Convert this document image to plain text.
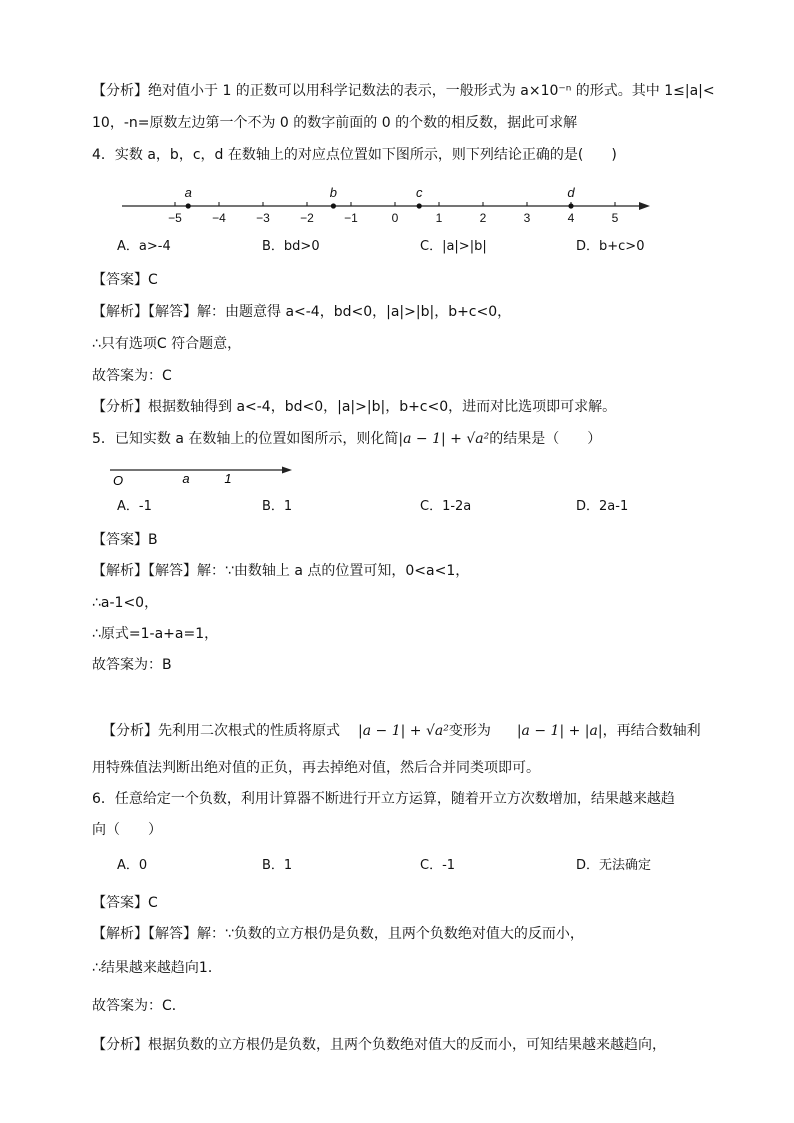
【分析】绝对值小于 1 的正数可以用科学记数法的表示，一般形式为 a×10⁻ⁿ 的形式。其中 1≤|a|<
10，-n=原数左边第一个不为 0 的数字前面的 0 的个数的相反数，据此可求解
4．实数 a，b，c，d 在数轴上的对应点位置如下图所示，则下列结论正确的是(　　)
−5	−4	−3	−2	−1	0	1	2	3	4	5
a	b	c	d
A．a>-4	B．bd>0	C．|a|>|b|	D．b+c>0
【答案】C
【解析】【解答】解：由题意得 a<-4，bd<0，|a|>|b|，b+c<0，
∴只有选项C 符合题意，
故答案为：C
【分析】根据数轴得到 a<-4，bd<0，|a|>|b|，b+c<0，进而对比选项即可求解。
5．已知实数 a 在数轴上的位置如图所示，则化简|a − 1| + √a²的结果是（　　）
O	a	1
A．-1	B．1	C．1-2a	D．2a-1
【答案】B
【解析】【解答】解：∵由数轴上 a 点的位置可知，0<a<1，
∴a-1<0，
∴原式=1-a+a=1，
故答案为：B
【分析】先利用二次根式的性质将原式 |a − 1| + √a²变形为 |a − 1| + |a|，再结合数轴利
用特殊值法判断出绝对值的正负，再去掉绝对值，然后合并同类项即可。
6．任意给定一个负数，利用计算器不断进行开立方运算，随着开立方次数增加，结果越来越趋
向（　　）
A．0	B．1	C．-1	D．无法确定
【答案】C
【解析】【解答】解：∵负数的立方根仍是负数，且两个负数绝对值大的反而小，
∴结果越来越趋向1．
故答案为：C．
【分析】根据负数的立方根仍是负数，且两个负数绝对值大的反而小，可知结果越来越趋向，
